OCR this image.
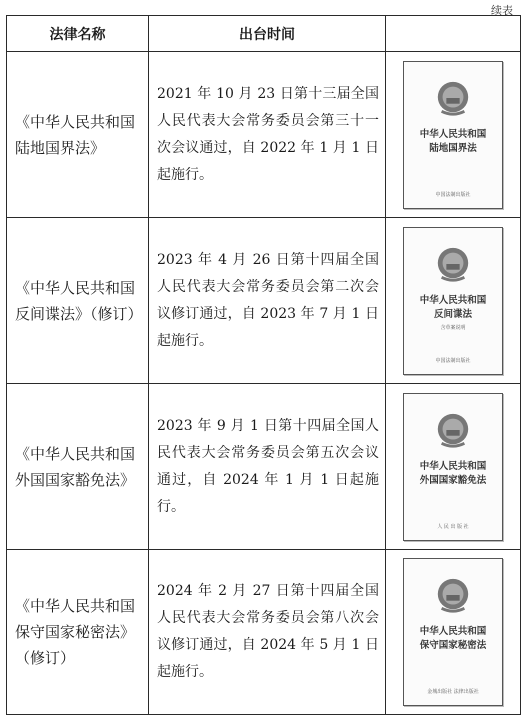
续表
法律名称	出台时间	
《中华人民共和国陆地国界法》	2021 年 10 月 23 日第十三届全国人民代表大会常务委员会第三十一次会议通过，自 2022 年 1 月 1 日起施行。	中华人民共和国
陆地国界法
中国法制出版社

《中华人民共和国反间谍法》（修订）	2023 年 4 月 26 日第十四届全国人民代表大会常务委员会第二次会议修订通过，自 2023 年 7 月 1 日起施行。	中华人民共和国
反间谍法
含草案说明
中国法制出版社

《中华人民共和国外国国家豁免法》	2023 年 9 月 1 日第十四届全国人民代表大会常务委员会第五次会议通过，自 2024 年 1 月 1 日起施行。	中华人民共和国
外国国家豁免法
人 民 出 版 社

《中华人民共和国保守国家秘密法》（修订）	2024 年 2 月 27 日第十四届全国人民代表大会常务委员会第八次会议修订通过，自 2024 年 5 月 1 日起施行。	中华人民共和国
保守国家秘密法
金城出版社 法律出版社
